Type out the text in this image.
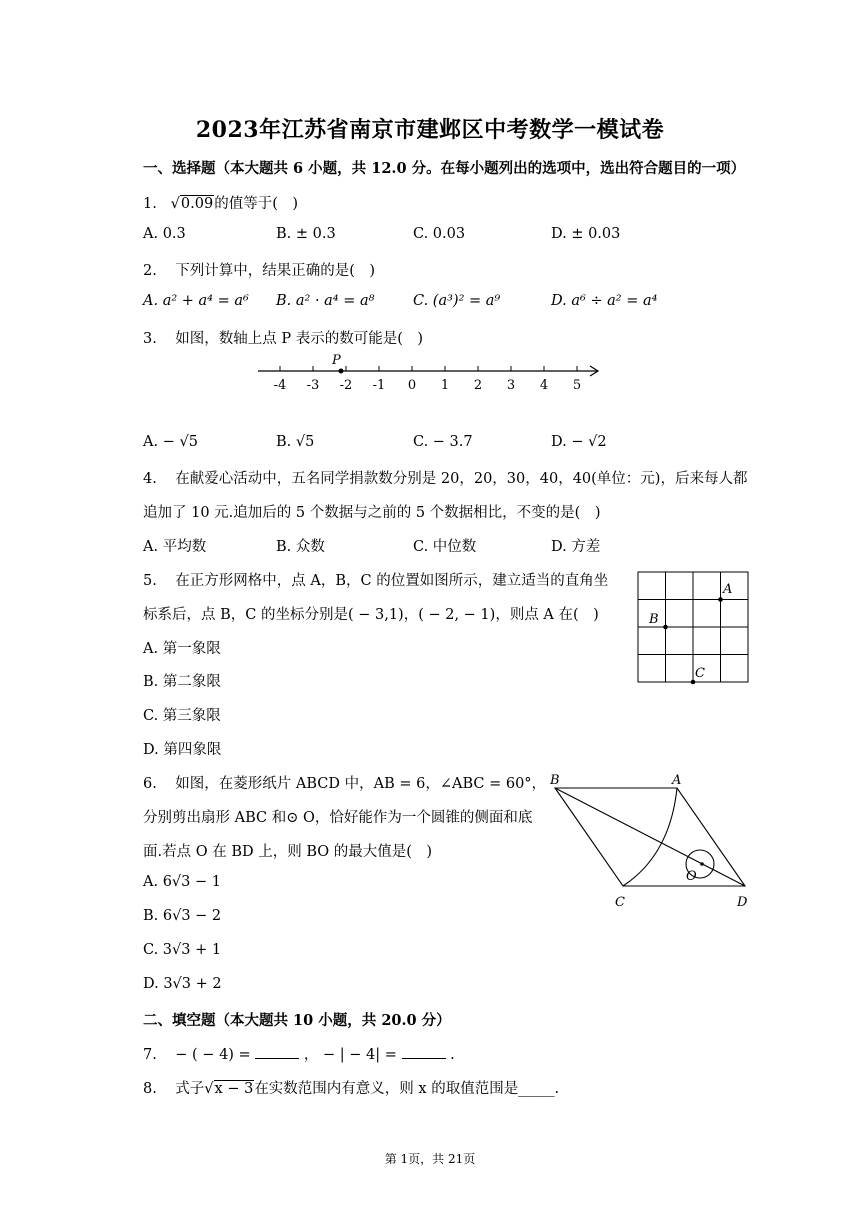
2023年江苏省南京市建邺区中考数学一模试卷
一、选择题（本大题共 6 小题，共 12.0 分。在每小题列出的选项中，选出符合题目的一项）
1. √0.09的值等于( )
A. 0.3	B. ± 0.3	C. 0.03	D. ± 0.03
2. 下列计算中，结果正确的是( )
A. a² + a⁴ = a⁶ B. a² · a⁴ = a⁸	C. (a³)² = a⁹	D. a⁶ ÷ a² = a⁴
3. 如图，数轴上点 P 表示的数可能是( )
-4 -3 -2 -1 0 1 2 3 4 5
P
A. − √5	B. √5	C. − 3.7	D. − √2
4. 在献爱心活动中，五名同学捐款数分别是 20，20，30，40，40(单位：元)，后来每人都
追加了 10 元.追加后的 5 个数据与之前的 5 个数据相比，不变的是( )
A. 平均数	B. 众数	C. 中位数	D. 方差
5. 在正方形网格中，点 A，B，C 的位置如图所示，建立适当的直角坐
标系后，点 B，C 的坐标分别是( − 3,1)，( − 2, − 1)，则点 A 在( )
A. 第一象限
B. 第二象限
C. 第三象限
D. 第四象限
A
B
C
6. 如图，在菱形纸片 ABCD 中，AB = 6，∠ABC = 60°，
分别剪出扇形 ABC 和⊙ O，恰好能作为一个圆锥的侧面和底
面.若点 O 在 BD 上，则 BO 的最大值是( )
A. 6√3 − 1
B. 6√3 − 2
C. 3√3 + 1
D. 3√3 + 2
B	A
O
C	D
二、填空题（本大题共 10 小题，共 20.0 分）
7.    − ( − 4) =	， − | − 4| =	.
8. 式子√x − 3在实数范围内有意义，则 x 的取值范围是_____.
第 1页，共 21页
